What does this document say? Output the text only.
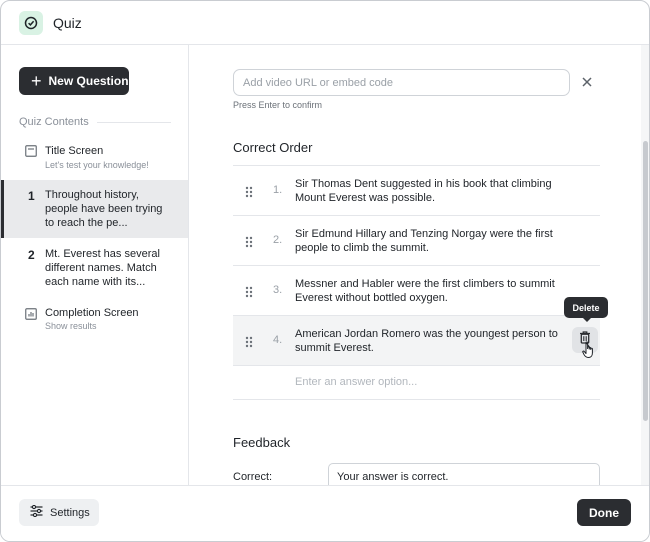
Quiz
+ New Question
Quiz Contents
Title Screen
Let's test your knowledge!
1 Throughout history, people have been trying to reach the pe...
2 Mt. Everest has several different names. Match each name with its...
Completion Screen
Show results
Add video URL or embed code
Press Enter to confirm
Correct Order
1. Sir Thomas Dent suggested in his book that climbing Mount Everest was possible.
2. Sir Edmund Hillary and Tenzing Norgay were the first people to climb the summit.
3. Messner and Habler were the first climbers to summit Everest without bottled oxygen.
4. American Jordan Romero was the youngest person to summit Everest.
Enter an answer option...
Delete
Feedback
Correct:	Your answer is correct.
Settings	Done
